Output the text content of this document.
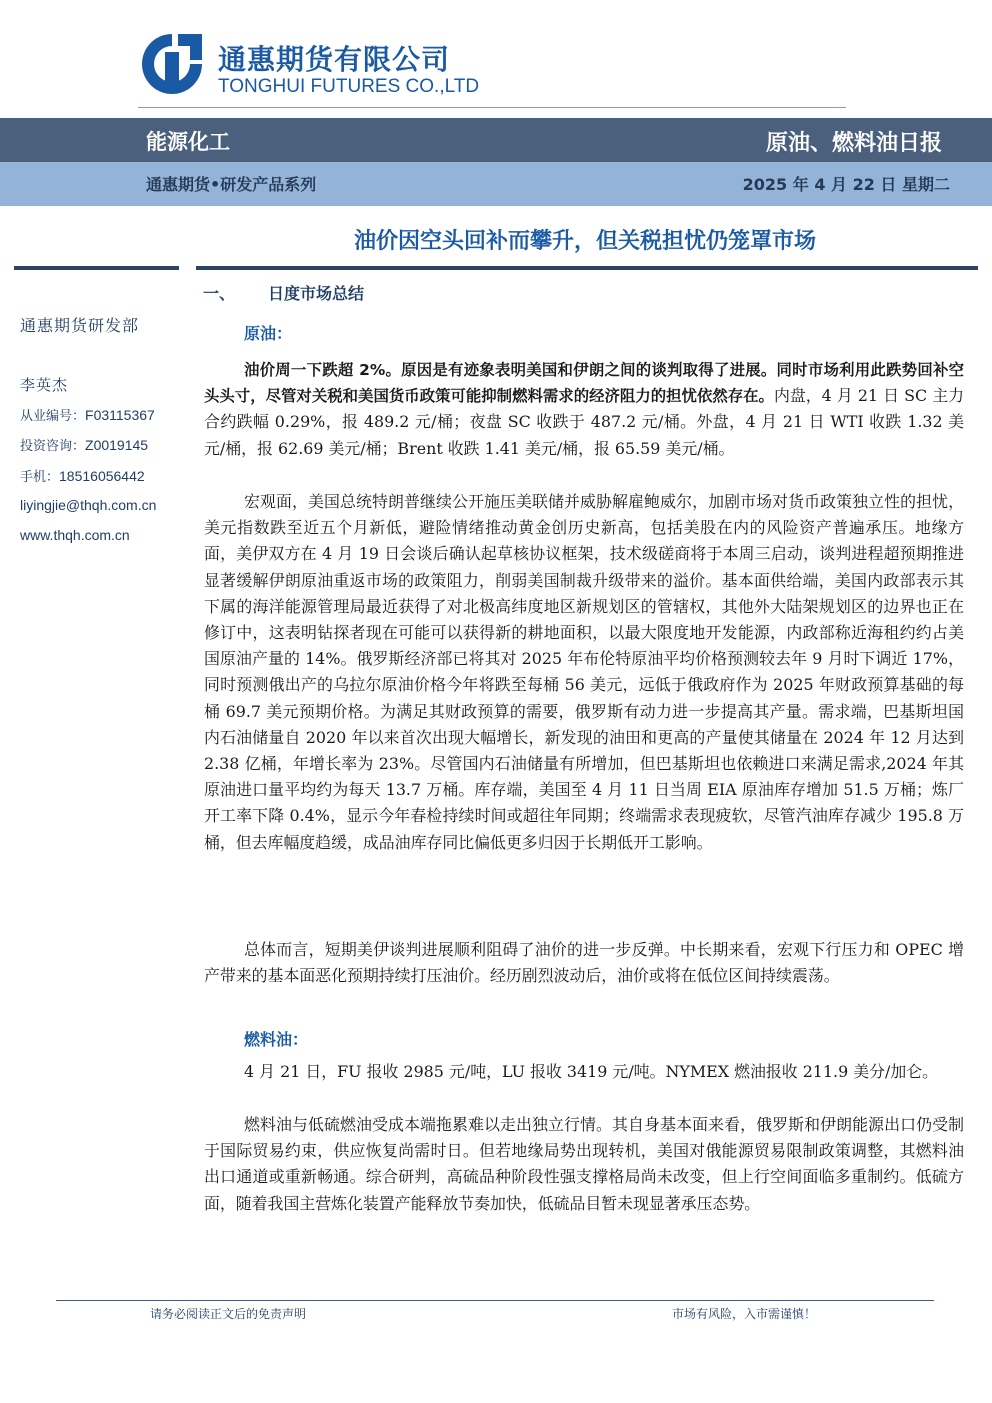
通惠期货有限公司
TONGHUI FUTURES CO.,LTD
能源化工	原油、燃料油日报
通惠期货•研发产品系列	2025 年 4 月 22 日 星期二
油价因空头回补而攀升，但关税担忧仍笼罩市场
通惠期货研发部
李英杰
从业编号：F03115367
投资咨询：Z0019145
手机：18516056442
liyingjie@thqh.com.cn
www.thqh.com.cn
一、 日度市场总结
原油：

油价周一下跌超 2%。原因是有迹象表明美国和伊朗之间的谈判取得了进展。同时市场利用此跌势回补空头头寸，尽管对关税和美国货币政策可能抑制燃料需求的经济阻力的担忧依然存在。内盘，4 月 21 日 SC 主力合约跌幅 0.29%，报 489.2 元/桶；夜盘 SC 收跌于 487.2 元/桶。外盘，4 月 21 日 WTI 收跌 1.32 美元/桶，报 62.69 美元/桶；Brent 收跌 1.41 美元/桶，报 65.59 美元/桶。

宏观面，美国总统特朗普继续公开施压美联储并威胁解雇鲍威尔，加剧市场对货币政策独立性的担忧，美元指数跌至近五个月新低，避险情绪推动黄金创历史新高，包括美股在内的风险资产普遍承压。地缘方面，美伊双方在 4 月 19 日会谈后确认起草核协议框架，技术级磋商将于本周三启动，谈判进程超预期推进显著缓解伊朗原油重返市场的政策阻力，削弱美国制裁升级带来的溢价。基本面供给端，美国内政部表示其下属的海洋能源管理局最近获得了对北极高纬度地区新规划区的管辖权，其他外大陆架规划区的边界也正在修订中，这表明钻探者现在可能可以获得新的耕地面积，以最大限度地开发能源，内政部称近海租约约占美国原油产量的 14%。俄罗斯经济部已将其对 2025 年布伦特原油平均价格预测较去年 9 月时下调近 17%，同时预测俄出产的乌拉尔原油价格今年将跌至每桶 56 美元，远低于俄政府作为 2025 年财政预算基础的每桶 69.7 美元预期价格。为满足其财政预算的需要，俄罗斯有动力进一步提高其产量。需求端，巴基斯坦国内石油储量自 2020 年以来首次出现大幅增长，新发现的油田和更高的产量使其储量在 2024 年 12 月达到 2.38 亿桶，年增长率为 23%。尽管国内石油储量有所增加，但巴基斯坦也依赖进口来满足需求,2024 年其原油进口量平均约为每天 13.7 万桶。库存端，美国至 4 月 11 日当周 EIA 原油库存增加 51.5 万桶；炼厂开工率下降 0.4%，显示今年春检持续时间或超往年同期；终端需求表现疲软，尽管汽油库存减少 195.8 万桶，但去库幅度趋缓，成品油库存同比偏低更多归因于长期低开工影响。

总体而言，短期美伊谈判进展顺利阻碍了油价的进一步反弹。中长期来看，宏观下行压力和 OPEC 增产带来的基本面恶化预期持续打压油价。经历剧烈波动后，油价或将在低位区间持续震荡。

燃料油：

4 月 21 日，FU 报收 2985 元/吨，LU 报收 3419 元/吨。NYMEX 燃油报收 211.9 美分/加仑。

燃料油与低硫燃油受成本端拖累难以走出独立行情。其自身基本面来看，俄罗斯和伊朗能源出口仍受制于国际贸易约束，供应恢复尚需时日。但若地缘局势出现转机，美国对俄能源贸易限制政策调整，其燃料油出口通道或重新畅通。综合研判，高硫品种阶段性强支撑格局尚未改变，但上行空间面临多重制约。低硫方面，随着我国主营炼化装置产能释放节奏加快，低硫品目暂未现显著承压态势。

请务必阅读正文后的免责声明	市场有风险，入市需谨慎！
